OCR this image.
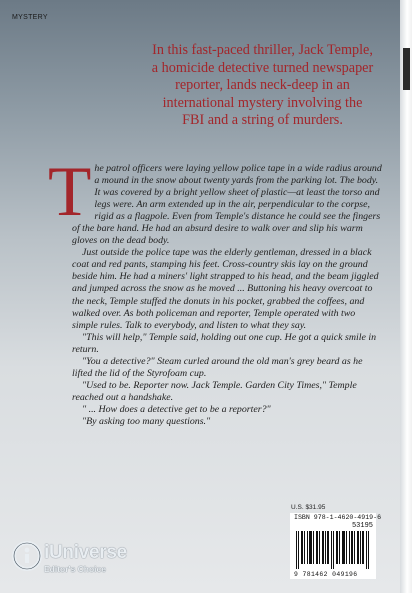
MYSTERY
In this fast-paced thriller, Jack Temple, a homicide detective turned newspaper reporter, lands neck-deep in an international mystery involving the FBI and a string of murders.
T he patrol officers were laying yellow police tape in a wide radius around a mound in the snow about twenty yards from the parking lot. The body. It was covered by a bright yellow sheet of plastic—at least the torso and legs were. An arm extended up in the air, perpendicular to the corpse, rigid as a flagpole. Even from Temple's distance he could see the fingers of the bare hand. He had an absurd desire to walk over and slip his warm gloves on the dead body.

Just outside the police tape was the elderly gentleman, dressed in a black coat and red pants, stamping his feet. Cross-country skis lay on the ground beside him. He had a miners' light strapped to his head, and the beam jiggled and jumped across the snow as he moved ... Buttoning his heavy overcoat to the neck, Temple stuffed the donuts in his pocket, grabbed the coffees, and walked over. As both policeman and reporter, Temple operated with two simple rules. Talk to everybody, and listen to what they say.

"This will help," Temple said, holding out one cup. He got a quick smile in return.

"You a detective?" Steam curled around the old man's grey beard as he lifted the lid of the Styrofoam cup.

"Used to be. Reporter now. Jack Temple. Garden City Times," Temple reached out a handshake.

" ... How does a detective get to be a reporter?"

"By asking too many questions."

U.S. $31.95
ISBN 978-1-4620-4919-6
53195
9 781462 049196
iUniverse
Editor's Choice
